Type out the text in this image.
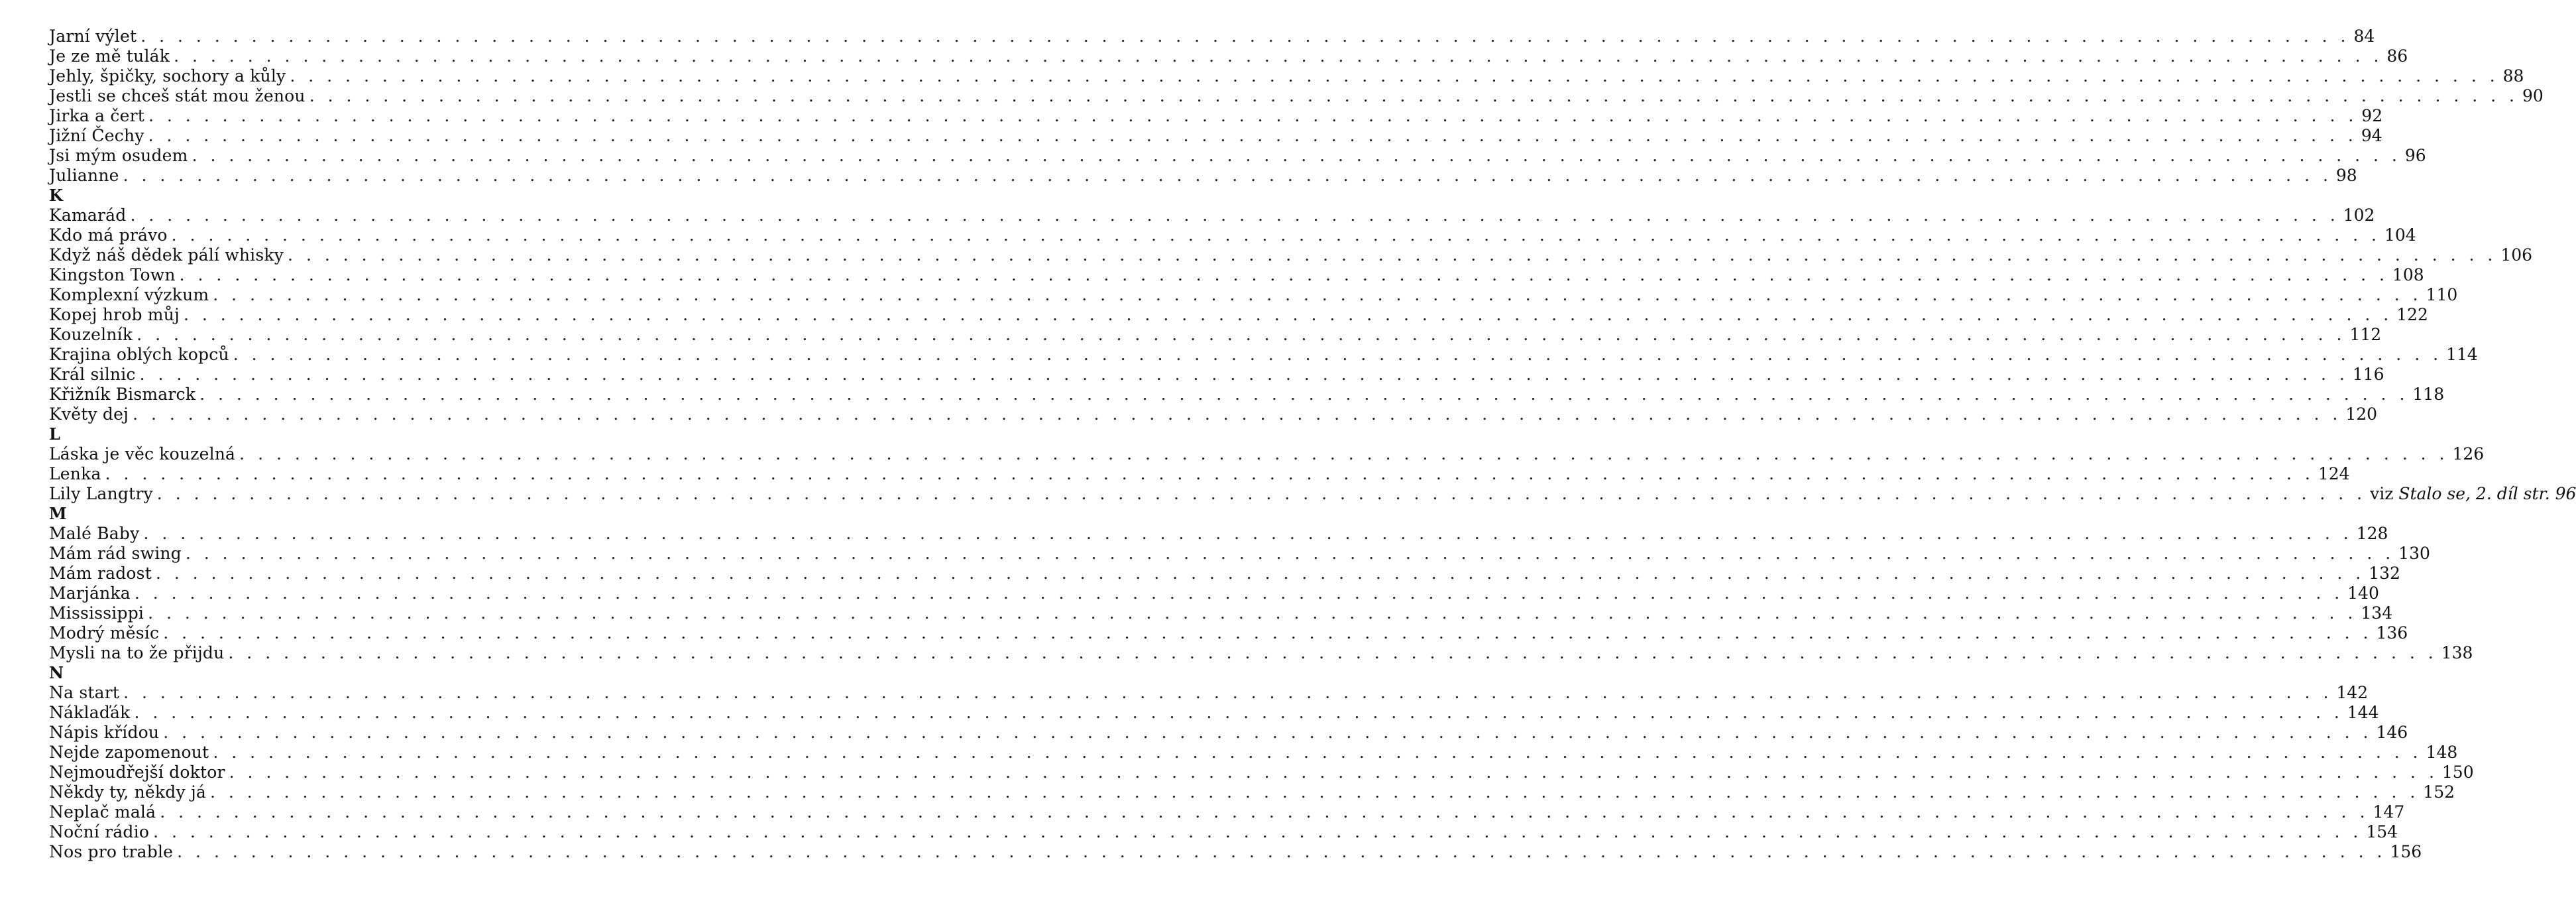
Jarní výlet . . . . . . . . . . . . . . . . . . . . . . . . . . . . . . . . . . . . . . . . . . . . . . . . . . . . . . . . . . . . . . . . . . . . . . . . . . . . . . . . . . . . . . . . . . . . . . . . . . . . . . . . . . . . . . . . . . . . . . . . 84
Je ze mě tulák . . . . . . . . . . . . . . . . . . . . . . . . . . . . . . . . . . . . . . . . . . . . . . . . . . . . . . . . . . . . . . . . . . . . . . . . . . . . . . . . . . . . . . . . . . . . . . . . . . . . . . . . . . . . . . . . . . . . . . . . 86
Jehly, špičky, sochory a kůly . . . . . . . . . . . . . . . . . . . . . . . . . . . . . . . . . . . . . . . . . . . . . . . . . . . . . . . . . . . . . . . . . . . . . . . . . . . . . . . . . . . . . . . . . . . . . . . . . . . . . . . . . . . . . . . . . . . . . . . . 88
Jestli se chceš stát mou ženou . . . . . . . . . . . . . . . . . . . . . . . . . . . . . . . . . . . . . . . . . . . . . . . . . . . . . . . . . . . . . . . . . . . . . . . . . . . . . . . . . . . . . . . . . . . . . . . . . . . . . . . . . . . . . . . . . . . . . . . . 90
Jirka a čert . . . . . . . . . . . . . . . . . . . . . . . . . . . . . . . . . . . . . . . . . . . . . . . . . . . . . . . . . . . . . . . . . . . . . . . . . . . . . . . . . . . . . . . . . . . . . . . . . . . . . . . . . . . . . . . . . . . . . . . . 92
Jižní Čechy . . . . . . . . . . . . . . . . . . . . . . . . . . . . . . . . . . . . . . . . . . . . . . . . . . . . . . . . . . . . . . . . . . . . . . . . . . . . . . . . . . . . . . . . . . . . . . . . . . . . . . . . . . . . . . . . . . . . . . . . 94
Jsi mým osudem . . . . . . . . . . . . . . . . . . . . . . . . . . . . . . . . . . . . . . . . . . . . . . . . . . . . . . . . . . . . . . . . . . . . . . . . . . . . . . . . . . . . . . . . . . . . . . . . . . . . . . . . . . . . . . . . . . . . . . . . 96
Julianne . . . . . . . . . . . . . . . . . . . . . . . . . . . . . . . . . . . . . . . . . . . . . . . . . . . . . . . . . . . . . . . . . . . . . . . . . . . . . . . . . . . . . . . . . . . . . . . . . . . . . . . . . . . . . . . . . . . . . . . . 98
K
Kamarád . . . . . . . . . . . . . . . . . . . . . . . . . . . . . . . . . . . . . . . . . . . . . . . . . . . . . . . . . . . . . . . . . . . . . . . . . . . . . . . . . . . . . . . . . . . . . . . . . . . . . . . . . . . . . . . . . . . . . . . . 102
Kdo má právo . . . . . . . . . . . . . . . . . . . . . . . . . . . . . . . . . . . . . . . . . . . . . . . . . . . . . . . . . . . . . . . . . . . . . . . . . . . . . . . . . . . . . . . . . . . . . . . . . . . . . . . . . . . . . . . . . . . . . . . . 104
Když náš dědek pálí whisky . . . . . . . . . . . . . . . . . . . . . . . . . . . . . . . . . . . . . . . . . . . . . . . . . . . . . . . . . . . . . . . . . . . . . . . . . . . . . . . . . . . . . . . . . . . . . . . . . . . . . . . . . . . . . . . . . . . . . . . . 106
Kingston Town . . . . . . . . . . . . . . . . . . . . . . . . . . . . . . . . . . . . . . . . . . . . . . . . . . . . . . . . . . . . . . . . . . . . . . . . . . . . . . . . . . . . . . . . . . . . . . . . . . . . . . . . . . . . . . . . . . . . . . . . 108
Komplexní výzkum . . . . . . . . . . . . . . . . . . . . . . . . . . . . . . . . . . . . . . . . . . . . . . . . . . . . . . . . . . . . . . . . . . . . . . . . . . . . . . . . . . . . . . . . . . . . . . . . . . . . . . . . . . . . . . . . . . . . . . . . 110
Kopej hrob můj . . . . . . . . . . . . . . . . . . . . . . . . . . . . . . . . . . . . . . . . . . . . . . . . . . . . . . . . . . . . . . . . . . . . . . . . . . . . . . . . . . . . . . . . . . . . . . . . . . . . . . . . . . . . . . . . . . . . . . . . 122
Kouzelník . . . . . . . . . . . . . . . . . . . . . . . . . . . . . . . . . . . . . . . . . . . . . . . . . . . . . . . . . . . . . . . . . . . . . . . . . . . . . . . . . . . . . . . . . . . . . . . . . . . . . . . . . . . . . . . . . . . . . . . . 112
Krajina oblých kopců . . . . . . . . . . . . . . . . . . . . . . . . . . . . . . . . . . . . . . . . . . . . . . . . . . . . . . . . . . . . . . . . . . . . . . . . . . . . . . . . . . . . . . . . . . . . . . . . . . . . . . . . . . . . . . . . . . . . . . . . 114
Král silnic . . . . . . . . . . . . . . . . . . . . . . . . . . . . . . . . . . . . . . . . . . . . . . . . . . . . . . . . . . . . . . . . . . . . . . . . . . . . . . . . . . . . . . . . . . . . . . . . . . . . . . . . . . . . . . . . . . . . . . . . 116
Křižník Bismarck . . . . . . . . . . . . . . . . . . . . . . . . . . . . . . . . . . . . . . . . . . . . . . . . . . . . . . . . . . . . . . . . . . . . . . . . . . . . . . . . . . . . . . . . . . . . . . . . . . . . . . . . . . . . . . . . . . . . . . . . 118
Květy dej . . . . . . . . . . . . . . . . . . . . . . . . . . . . . . . . . . . . . . . . . . . . . . . . . . . . . . . . . . . . . . . . . . . . . . . . . . . . . . . . . . . . . . . . . . . . . . . . . . . . . . . . . . . . . . . . . . . . . . . . 120
L
Láska je věc kouzelná . . . . . . . . . . . . . . . . . . . . . . . . . . . . . . . . . . . . . . . . . . . . . . . . . . . . . . . . . . . . . . . . . . . . . . . . . . . . . . . . . . . . . . . . . . . . . . . . . . . . . . . . . . . . . . . . . . . . . . . . 126
Lenka . . . . . . . . . . . . . . . . . . . . . . . . . . . . . . . . . . . . . . . . . . . . . . . . . . . . . . . . . . . . . . . . . . . . . . . . . . . . . . . . . . . . . . . . . . . . . . . . . . . . . . . . . . . . . . . . . . . . . . . . 124
Lily Langtry . . . . . . . . . . . . . . . . . . . . . . . . . . . . . . . . . . . . . . . . . . . . . . . . . . . . . . . . . . . . . . . . . . . . . . . . . . . . . . . . . . . . . . . . . . . . . . . . . . . . . . . . . . . . . . . . . . . . . . . . viz Stalo se, 2. díl str. 96
M
Malé Baby . . . . . . . . . . . . . . . . . . . . . . . . . . . . . . . . . . . . . . . . . . . . . . . . . . . . . . . . . . . . . . . . . . . . . . . . . . . . . . . . . . . . . . . . . . . . . . . . . . . . . . . . . . . . . . . . . . . . . . . . 128
Mám rád swing . . . . . . . . . . . . . . . . . . . . . . . . . . . . . . . . . . . . . . . . . . . . . . . . . . . . . . . . . . . . . . . . . . . . . . . . . . . . . . . . . . . . . . . . . . . . . . . . . . . . . . . . . . . . . . . . . . . . . . . . 130
Mám radost . . . . . . . . . . . . . . . . . . . . . . . . . . . . . . . . . . . . . . . . . . . . . . . . . . . . . . . . . . . . . . . . . . . . . . . . . . . . . . . . . . . . . . . . . . . . . . . . . . . . . . . . . . . . . . . . . . . . . . . . 132
Marjánka . . . . . . . . . . . . . . . . . . . . . . . . . . . . . . . . . . . . . . . . . . . . . . . . . . . . . . . . . . . . . . . . . . . . . . . . . . . . . . . . . . . . . . . . . . . . . . . . . . . . . . . . . . . . . . . . . . . . . . . . 140
Mississippi . . . . . . . . . . . . . . . . . . . . . . . . . . . . . . . . . . . . . . . . . . . . . . . . . . . . . . . . . . . . . . . . . . . . . . . . . . . . . . . . . . . . . . . . . . . . . . . . . . . . . . . . . . . . . . . . . . . . . . . . 134
Modrý měsíc . . . . . . . . . . . . . . . . . . . . . . . . . . . . . . . . . . . . . . . . . . . . . . . . . . . . . . . . . . . . . . . . . . . . . . . . . . . . . . . . . . . . . . . . . . . . . . . . . . . . . . . . . . . . . . . . . . . . . . . . 136
Mysli na to že přijdu . . . . . . . . . . . . . . . . . . . . . . . . . . . . . . . . . . . . . . . . . . . . . . . . . . . . . . . . . . . . . . . . . . . . . . . . . . . . . . . . . . . . . . . . . . . . . . . . . . . . . . . . . . . . . . . . . . . . . . . . 138
N
Na start . . . . . . . . . . . . . . . . . . . . . . . . . . . . . . . . . . . . . . . . . . . . . . . . . . . . . . . . . . . . . . . . . . . . . . . . . . . . . . . . . . . . . . . . . . . . . . . . . . . . . . . . . . . . . . . . . . . . . . . . 142
Náklaďák . . . . . . . . . . . . . . . . . . . . . . . . . . . . . . . . . . . . . . . . . . . . . . . . . . . . . . . . . . . . . . . . . . . . . . . . . . . . . . . . . . . . . . . . . . . . . . . . . . . . . . . . . . . . . . . . . . . . . . . . 144
Nápis křídou . . . . . . . . . . . . . . . . . . . . . . . . . . . . . . . . . . . . . . . . . . . . . . . . . . . . . . . . . . . . . . . . . . . . . . . . . . . . . . . . . . . . . . . . . . . . . . . . . . . . . . . . . . . . . . . . . . . . . . . . 146
Nejde zapomenout . . . . . . . . . . . . . . . . . . . . . . . . . . . . . . . . . . . . . . . . . . . . . . . . . . . . . . . . . . . . . . . . . . . . . . . . . . . . . . . . . . . . . . . . . . . . . . . . . . . . . . . . . . . . . . . . . . . . . . . . 148
Nejmoudřejší doktor . . . . . . . . . . . . . . . . . . . . . . . . . . . . . . . . . . . . . . . . . . . . . . . . . . . . . . . . . . . . . . . . . . . . . . . . . . . . . . . . . . . . . . . . . . . . . . . . . . . . . . . . . . . . . . . . . . . . . . . . 150
Někdy ty, někdy já . . . . . . . . . . . . . . . . . . . . . . . . . . . . . . . . . . . . . . . . . . . . . . . . . . . . . . . . . . . . . . . . . . . . . . . . . . . . . . . . . . . . . . . . . . . . . . . . . . . . . . . . . . . . . . . . . . . . . . . . 152
Neplač malá . . . . . . . . . . . . . . . . . . . . . . . . . . . . . . . . . . . . . . . . . . . . . . . . . . . . . . . . . . . . . . . . . . . . . . . . . . . . . . . . . . . . . . . . . . . . . . . . . . . . . . . . . . . . . . . . . . . . . . . . 147
Noční rádio . . . . . . . . . . . . . . . . . . . . . . . . . . . . . . . . . . . . . . . . . . . . . . . . . . . . . . . . . . . . . . . . . . . . . . . . . . . . . . . . . . . . . . . . . . . . . . . . . . . . . . . . . . . . . . . . . . . . . . . . 154
Nos pro trable . . . . . . . . . . . . . . . . . . . . . . . . . . . . . . . . . . . . . . . . . . . . . . . . . . . . . . . . . . . . . . . . . . . . . . . . . . . . . . . . . . . . . . . . . . . . . . . . . . . . . . . . . . . . . . . . . . . . . . . . 156
